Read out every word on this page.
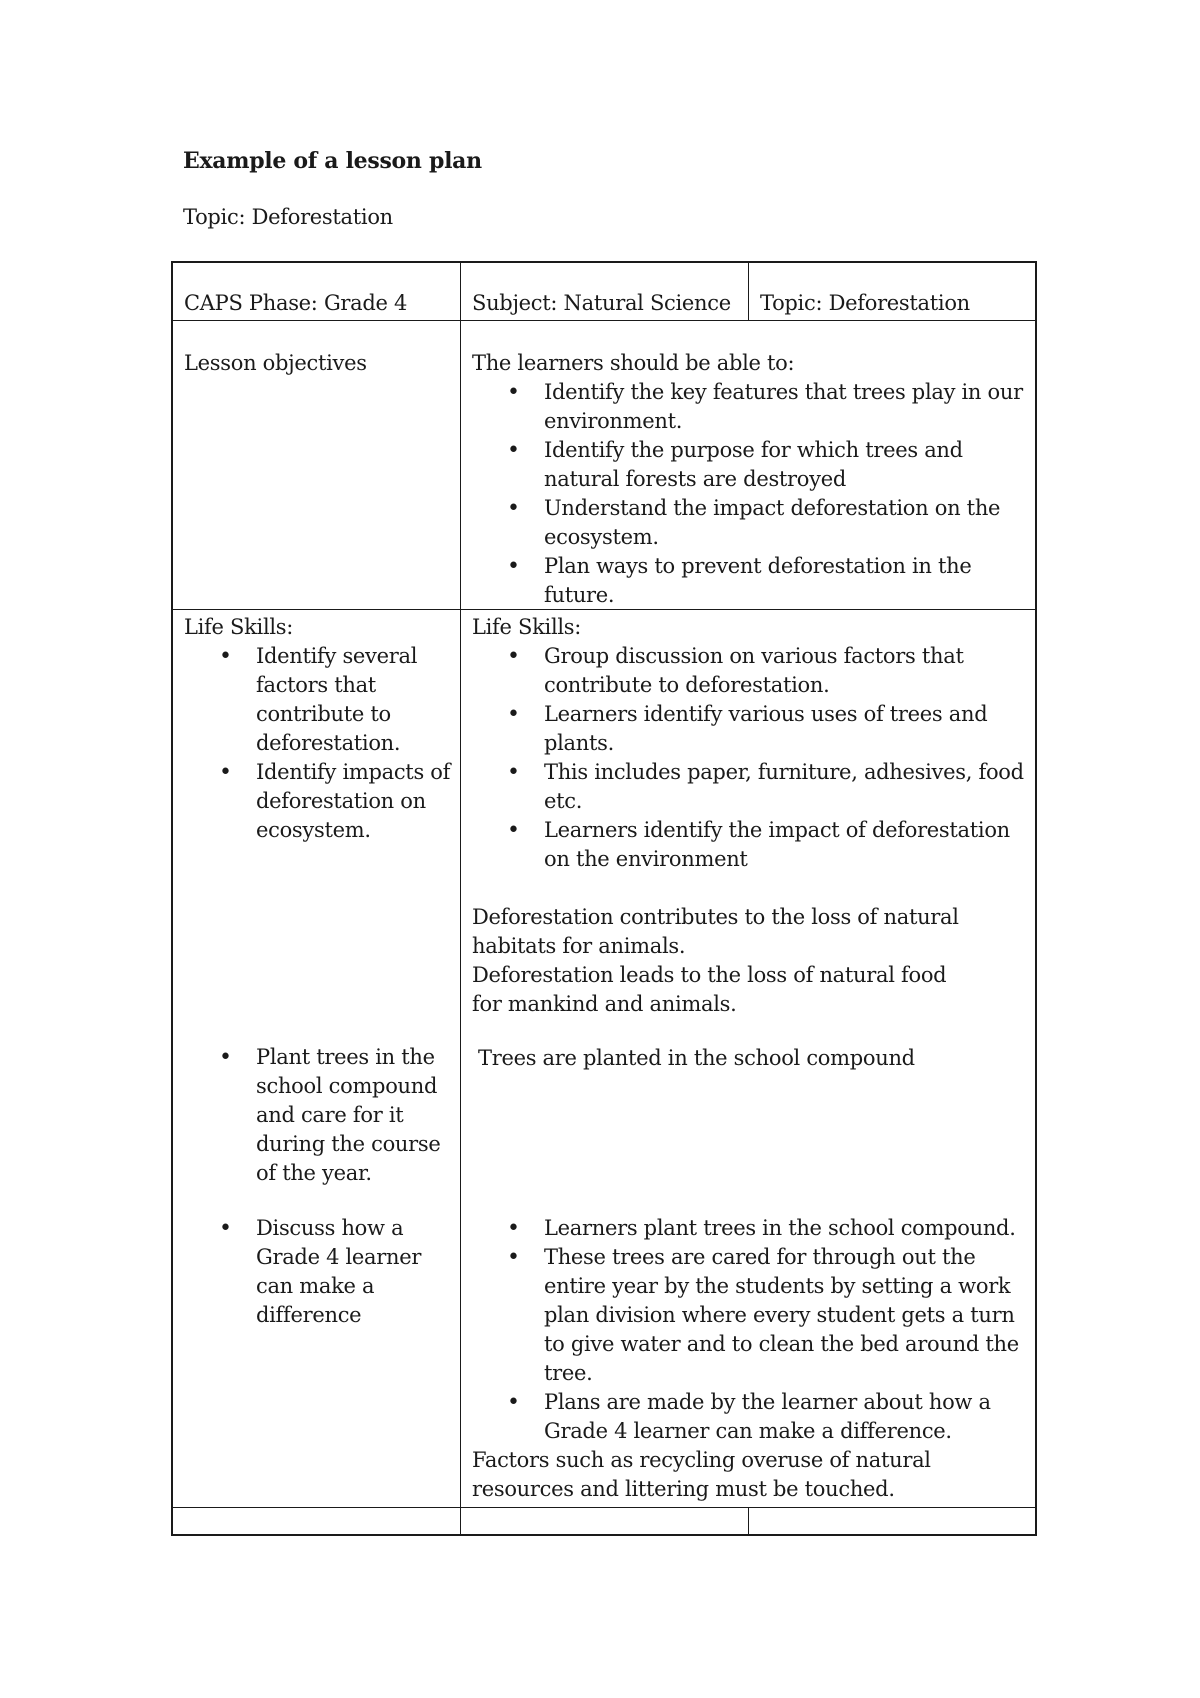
Example of a lesson plan
Topic: Deforestation
CAPS Phase: Grade 4	Subject: Natural Science Topic: Deforestation
Lesson objectives	The learners should be able to:

• Identify the key features that trees play in our environment.
• Identify the purpose for which trees and natural forests are destroyed
• Understand the impact deforestation on the ecosystem.
• Plan ways to prevent deforestation in the future.

Life Skills:

• Identify several factors that contribute to deforestation.
• Identify impacts of deforestation on ecosystem.
• Plant trees in the school compound and care for it during the course of the year.
• Discuss how a Grade 4 learner can make a difference

Life Skills:

• Group discussion on various factors that contribute to deforestation.
• Learners identify various uses of trees and plants.
• This includes paper, furniture, adhesives, food etc.
• Learners identify the impact of deforestation on the environment

Deforestation contributes to the loss of natural habitats for animals.

Deforestation leads to the loss of natural food for mankind and animals.

Trees are planted in the school compound
• Learners plant trees in the school compound.
• These trees are cared for through out the entire year by the students by setting a work plan division where every student gets a turn to give water and to clean the bed around the tree.
• Plans are made by the learner about how a Grade 4 learner can make a difference.

Factors such as recycling overuse of natural resources and littering must be touched.
